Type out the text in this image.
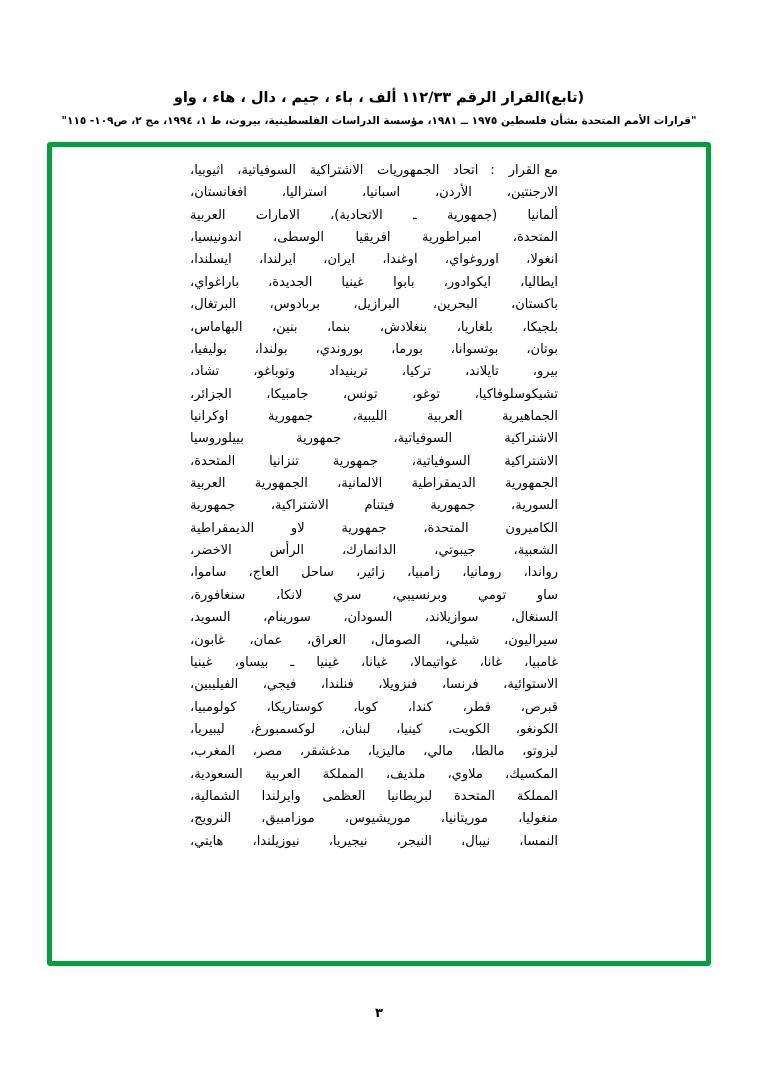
(تابع)القرار الرقم ١١٢/٣٣ ألف ، باء ، جيم ، دال ، هاء ، واو
"قرارات الأمم المتحدة بشأن فلسطين ١٩٧٥ ــ ١٩٨١، مؤسسة الدراسات الفلسطينية، بيروت، ط ١، ١٩٩٤، مج ٢، ص١٠٩- ١١٥"
مع القرار
:
اتحاد الجمهوريات الاشتراكية السوفياتية، اثيوبيا،
الارجنتين، الأردن، اسبانيا، استراليا، افغانستان،
ألمانيا (جمهورية ـ الاتحادية)، الامارات العربية
المتحدة، امبراطورية افريقيا الوسطى، اندونيسيا،
انغولا، اوروغواي، اوغندا، ايران، ايرلندا، ايسلندا،
ايطاليا، ايكوادور، بابوا غينيا الجديدة، باراغواي،
باكستان، البحرين، البرازيل، بربادوس، البرتغال،
بلجيكا، بلغاريا، بنغلادش، بنما، بنين، البهاماس،
بوتان، بوتسوانا، بورما، بوروندي، بولندا، بوليفيا،
بيرو، تايلاند، تركيا، ترينيداد وتوباغو، تشاد،
تشيكوسلوفاكيا، توغو، تونس، جامبيكا، الجزائر،
الجماهيرية العربية الليبية، جمهورية اوكرانيا
الاشتراكية السوفياتية، جمهورية بييلوروسيا
الاشتراكية السوفياتية، جمهورية تنزانيا المتحدة،
الجمهورية الديمقراطية الالمانية، الجمهورية العربية
السورية، جمهورية فيتنام الاشتراكية، جمهورية
الكاميرون المتحدة، جمهورية لاو الديمقراطية
الشعبية، جيبوتي، الدانمارك، الرأس الاخضر،
رواندا، رومانيا، زامبيا، زائير، ساحل العاج، ساموا،
ساو تومي وبرنسيبي، سري لانكا، سنغافورة،
السنغال، سوازيلاند، السودان، سورينام، السويد،
سيراليون، شيلي، الصومال، العراق، عمان، غابون،
غامبيا، غانا، غواتيمالا، غيانا، غينيا ـ بيساو، غينيا
الاستوائية، فرنسا، فنزويلا، فنلندا، فيجي، الفيليبين،
قبرص، قطر، كندا، كوبا، كوستاريكا، كولومبيا،
الكونغو، الكويت، كينيا، لبنان، لوكسمبورغ، ليبيريا،
ليزوتو، مالطا، مالي، ماليزيا، مدغشقر، مصر، المغرب،
المكسيك، ملاوي، ملديف، المملكة العربية السعودية،
المملكة المتحدة لبريطانيا العظمى وايرلندا الشمالية،
منغوليا، موريتانيا، موريشيوس، موزامبيق، النرويج،
النمسا، نيبال، النيجر، نيجيريا، نيوزيلندا، هايتي،
٣
